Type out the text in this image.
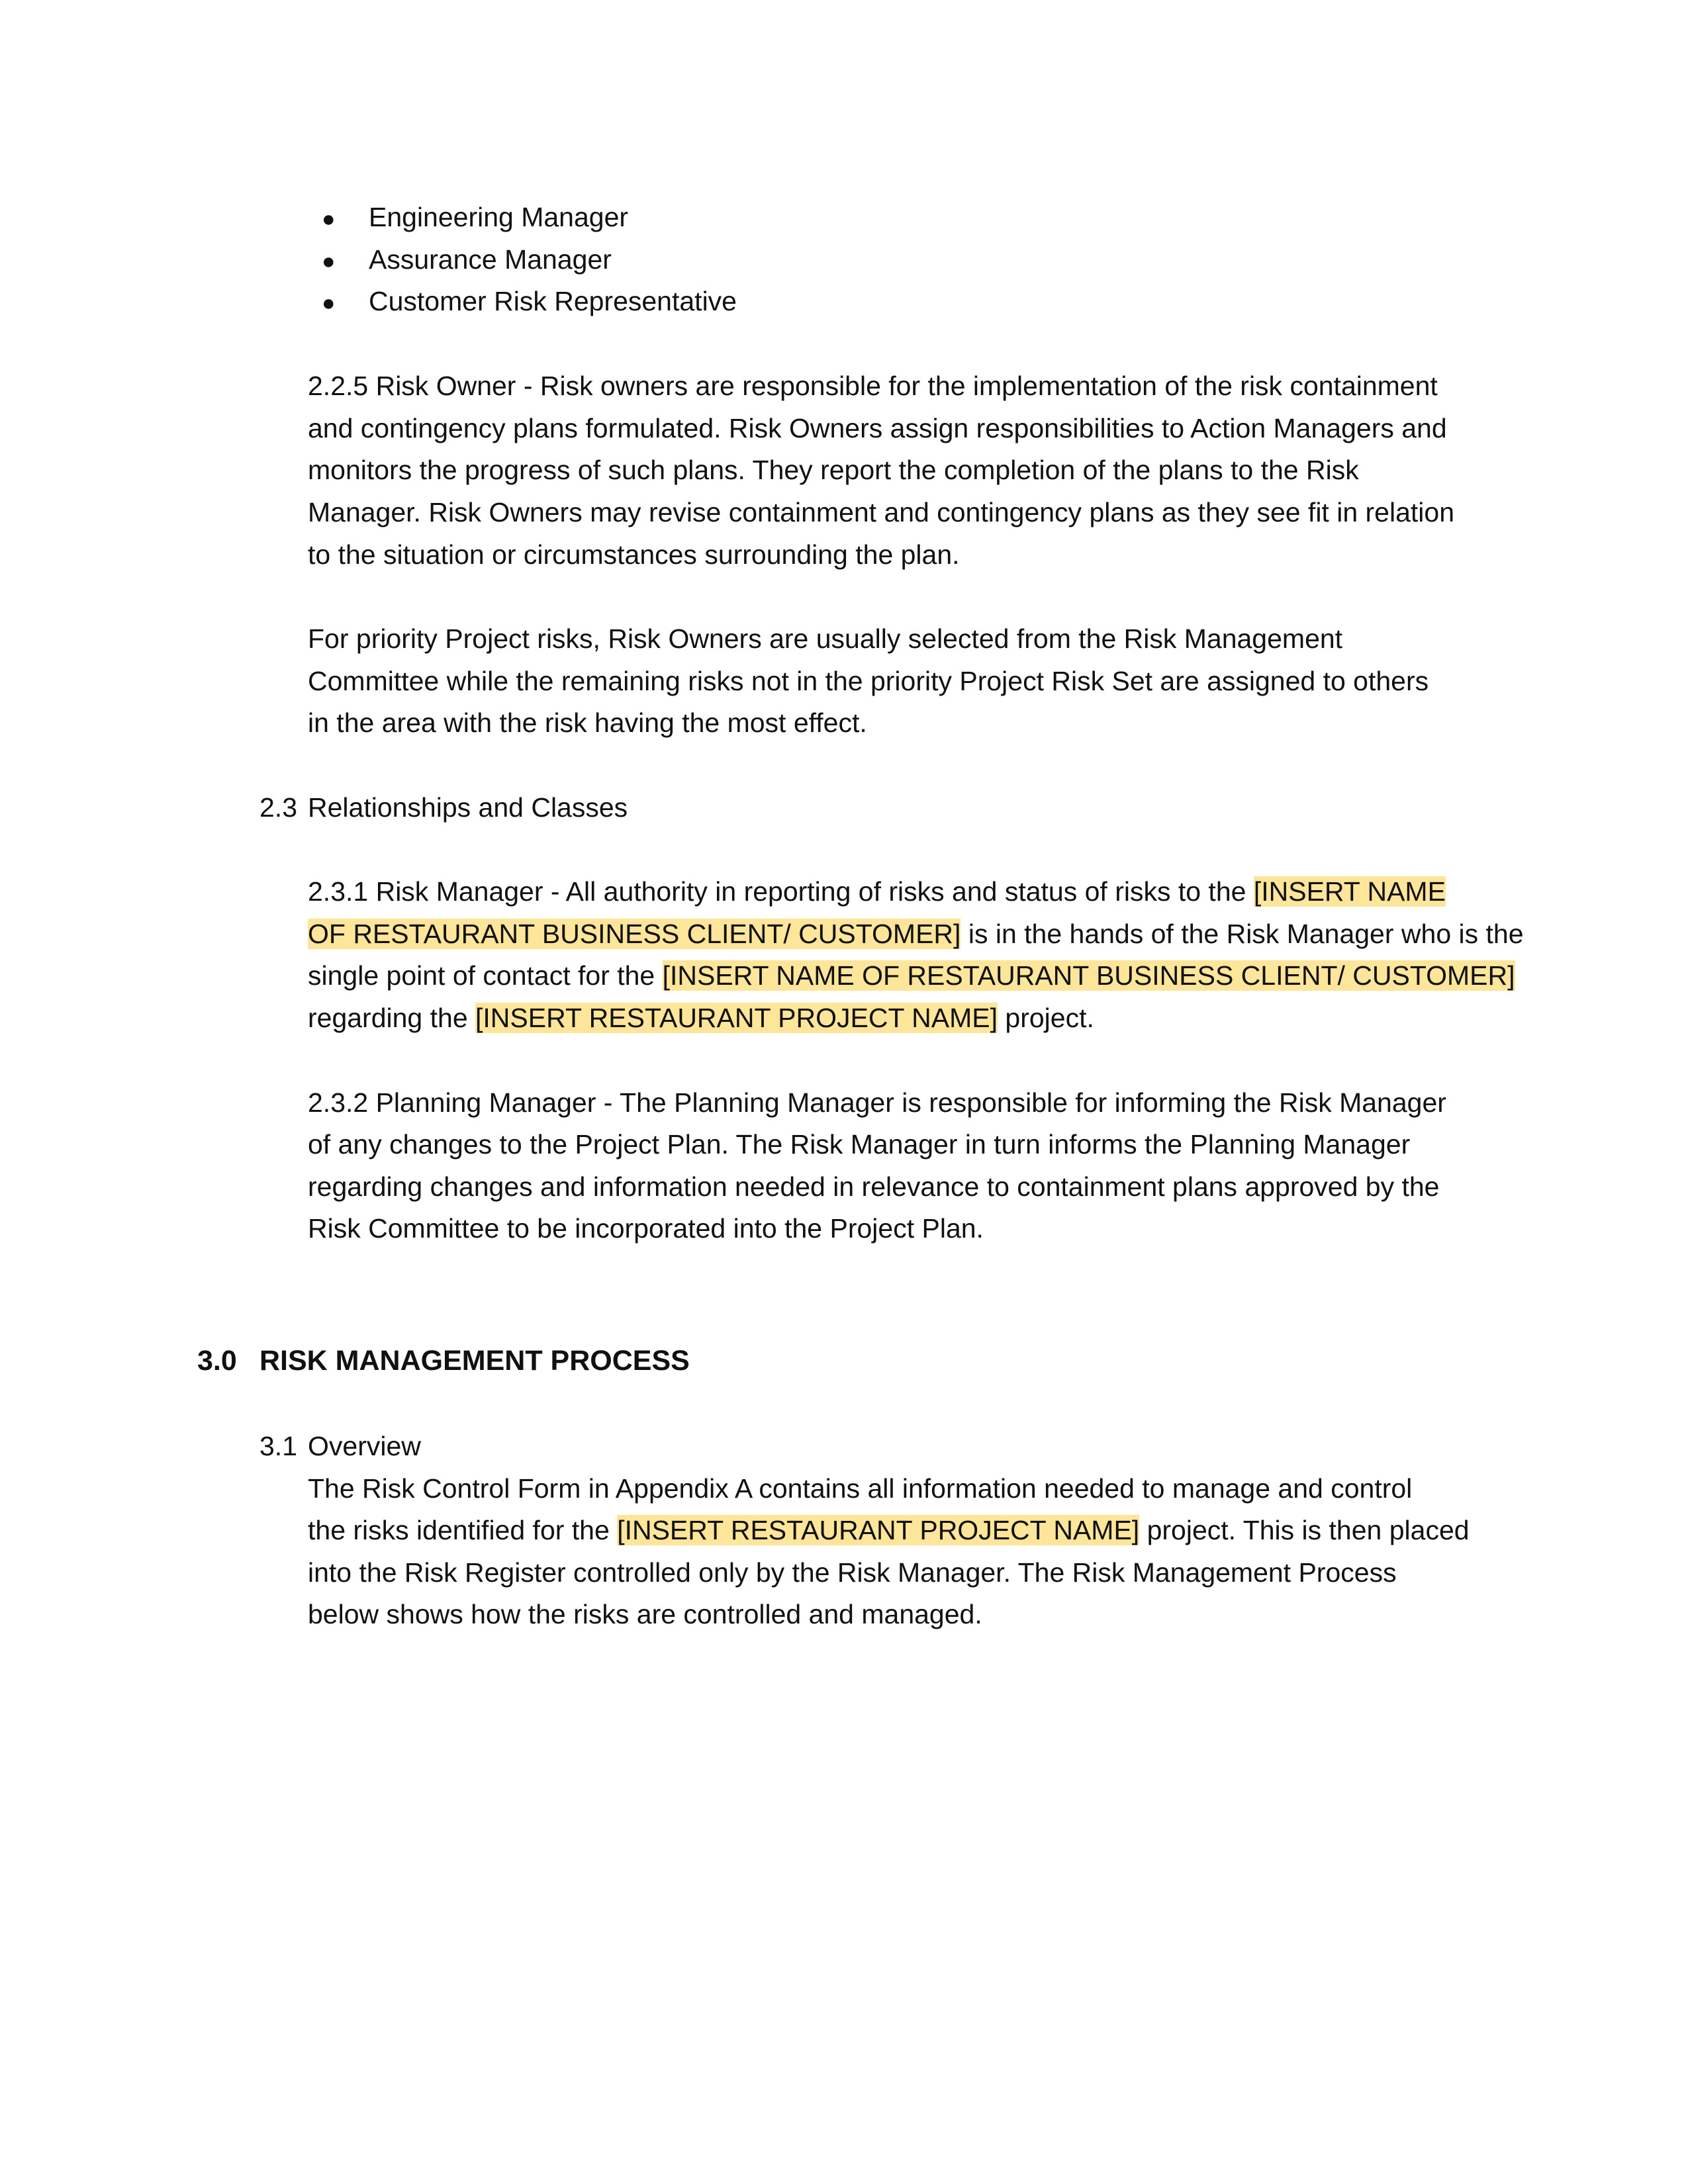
● Engineering Manager
● Assurance Manager
● Customer Risk Representative
2.2.5 Risk Owner - Risk owners are responsible for the implementation of the risk containment
and contingency plans formulated. Risk Owners assign responsibilities to Action Managers and
monitors the progress of such plans. They report the completion of the plans to the Risk
Manager. Risk Owners may revise containment and contingency plans as they see fit in relation
to the situation or circumstances surrounding the plan.
For priority Project risks, Risk Owners are usually selected from the Risk Management
Committee while the remaining risks not in the priority Project Risk Set are assigned to others
in the area with the risk having the most effect.
2.3 Relationships and Classes
2.3.1 Risk Manager - All authority in reporting of risks and status of risks to the [INSERT NAME
OF RESTAURANT BUSINESS CLIENT/ CUSTOMER] is in the hands of the Risk Manager who is the
single point of contact for the [INSERT NAME OF RESTAURANT BUSINESS CLIENT/ CUSTOMER]
regarding the [INSERT RESTAURANT PROJECT NAME] project.
2.3.2 Planning Manager - The Planning Manager is responsible for informing the Risk Manager
of any changes to the Project Plan. The Risk Manager in turn informs the Planning Manager
regarding changes and information needed in relevance to containment plans approved by the
Risk Committee to be incorporated into the Project Plan.
3.0 RISK MANAGEMENT PROCESS
3.1 Overview
The Risk Control Form in Appendix A contains all information needed to manage and control
the risks identified for the [INSERT RESTAURANT PROJECT NAME] project. This is then placed
into the Risk Register controlled only by the Risk Manager. The Risk Management Process
below shows how the risks are controlled and managed.
